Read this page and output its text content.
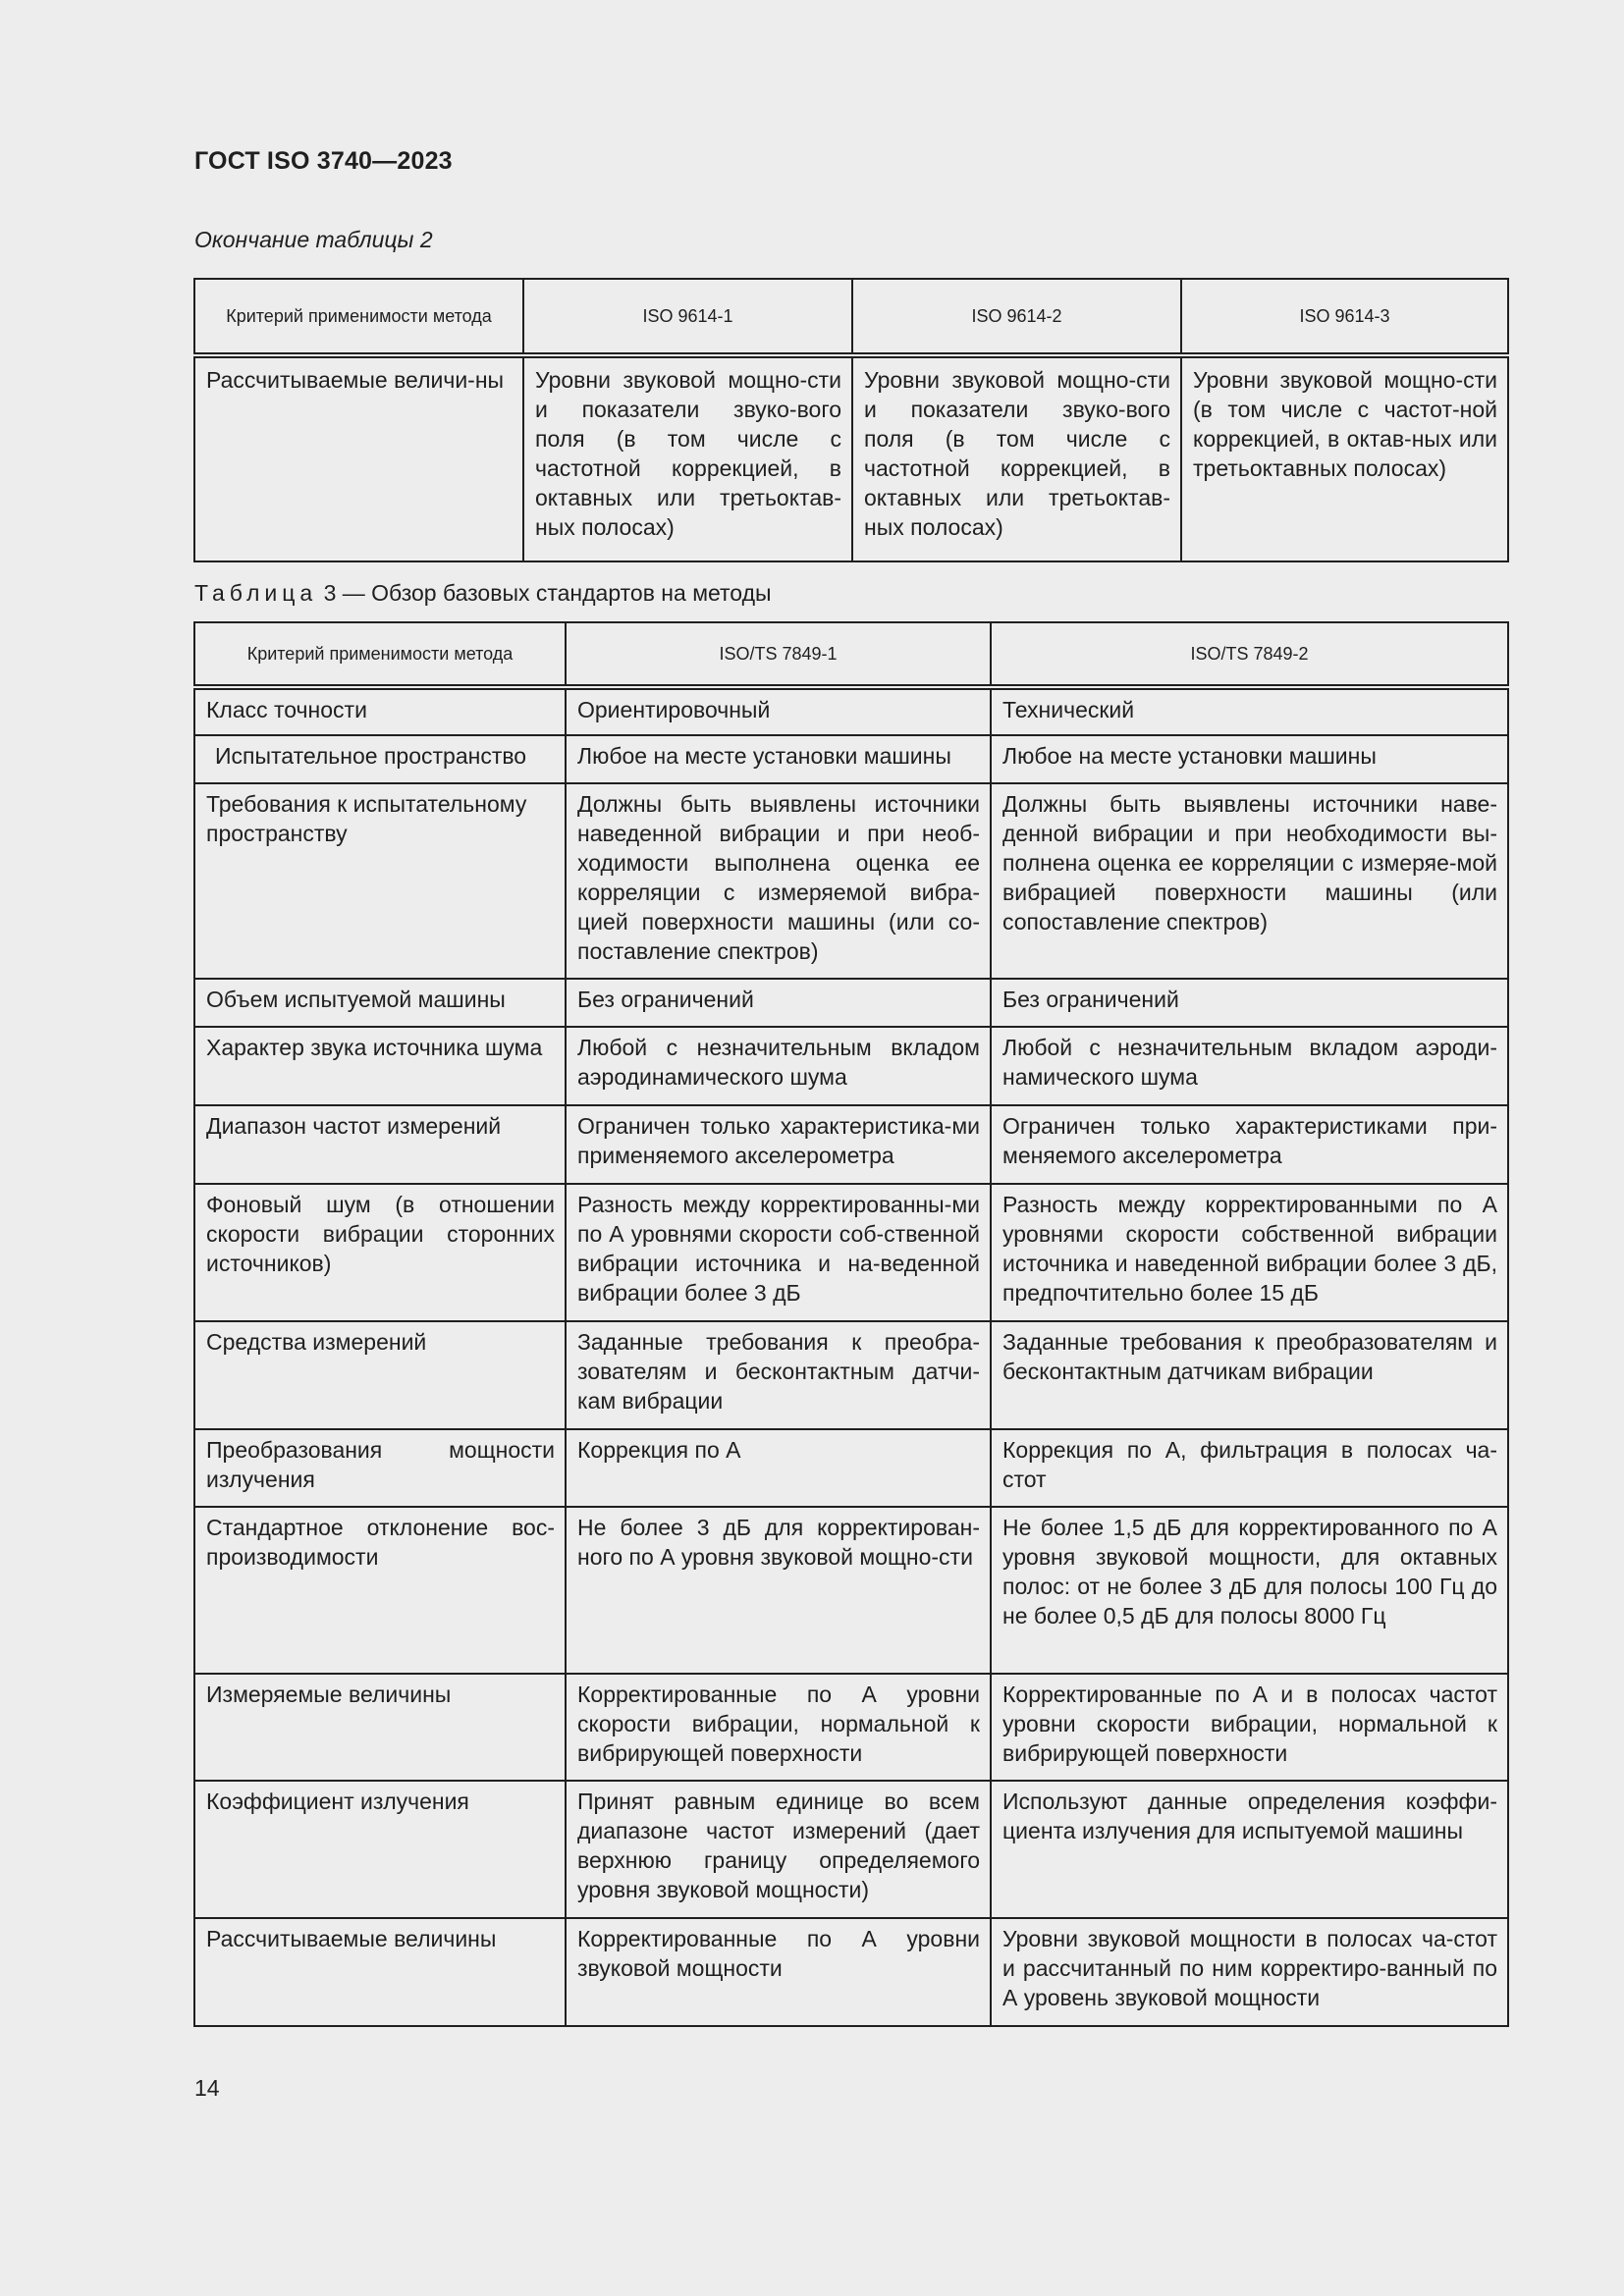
ГОСТ ISO 3740—2023
Окончание таблицы 2
Критерий применимости метода	ISO 9614-1	ISO 9614-2	ISO 9614-3
Рассчитываемые величи-ны	Уровни звуковой мощно-сти и показатели звуко-вого поля (в том числе с частотной коррекцией, в октавных или третьоктав-ных полосах)	Уровни звуковой мощно-сти и показатели звуко-вого поля (в том числе с частотной коррекцией, в октавных или третьоктав-ных полосах)	Уровни звуковой мощно-сти (в том числе с частот-ной коррекцией, в октав-ных или третьоктавных полосах)
Таблица 3 — Обзор базовых стандартов на методы
Критерий применимости метода	ISO/TS 7849-1	ISO/TS 7849-2
Класс точности	Ориентировочный	Технический
Испытательное пространство	Любое на месте установки машины	Любое на месте установки машины
Требования к испытательному пространству	Должны быть выявлены источники наведенной вибрации и при необ-ходимости выполнена оценка ее корреляции с измеряемой вибра-цией поверхности машины (или со-поставление спектров)	Должны быть выявлены источники наве-денной вибрации и при необходимости вы-полнена оценка ее корреляции с измеряе-мой вибрацией поверхности машины (или сопоставление спектров)
Объем испытуемой машины	Без ограничений	Без ограничений
Характер звука источника шума	Любой с незначительным вкладом аэродинамического шума	Любой с незначительным вкладом аэроди-намического шума
Диапазон частот измерений	Ограничен только характеристика-ми применяемого акселерометра	Ограничен только характеристиками при-меняемого акселерометра
Фоновый шум (в отношении скорости вибрации сторонних источников)	Разность между корректированны-ми по А уровнями скорости соб-ственной вибрации источника и на-веденной вибрации более 3 дБ	Разность между корректированными по А уровнями скорости собственной вибрации источника и наведенной вибрации более 3 дБ, предпочтительно более 15 дБ
Средства измерений	Заданные требования к преобра-зователям и бесконтактным датчи-кам вибрации	Заданные требования к преобразователям и бесконтактным датчикам вибрации
Преобразования мощности излучения	Коррекция по А	Коррекция по А, фильтрация в полосах ча-стот
Стандартное отклонение вос-производимости	Не более 3 дБ для корректирован-ного по А уровня звуковой мощно-сти	Не более 1,5 дБ для корректированного по А уровня звуковой мощности, для октавных полос: от не более 3 дБ для полосы 100 Гц до не более 0,5 дБ для полосы 8000 Гц
Измеряемые величины	Корректированные по А уровни скорости вибрации, нормальной к вибрирующей поверхности	Корректированные по А и в полосах частот уровни скорости вибрации, нормальной к вибрирующей поверхности
Коэффициент излучения	Принят равным единице во всем диапазоне частот измерений (дает верхнюю границу определяемого уровня звуковой мощности)	Используют данные определения коэффи-циента излучения для испытуемой машины
Рассчитываемые величины	Корректированные по А уровни звуковой мощности	Уровни звуковой мощности в полосах ча-стот и рассчитанный по ним корректиро-ванный по А уровень звуковой мощности
14
